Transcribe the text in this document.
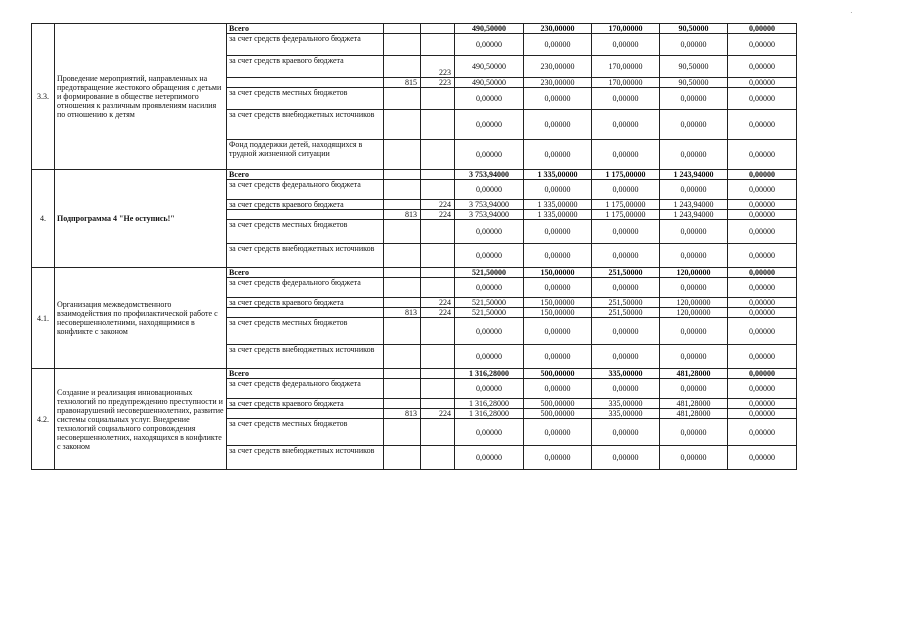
3.3.	Проведение мероприятий, направленных на предотвращение жестокого обращения с детьми и формирование в обществе нетерпимого отношения к различным проявлениям насилия по отношению к детям	Всего			490,50000	230,00000	170,00000	90,50000	0,00000
		за счет средств федерального бюджета			0,00000	0,00000	0,00000	0,00000	0,00000
		за счет средств краевого бюджета		223	490,50000	230,00000	170,00000	90,50000	0,00000
			815	223	490,50000	230,00000	170,00000	90,50000	0,00000
		за счет средств местных бюджетов			0,00000	0,00000	0,00000	0,00000	0,00000
		за счет средств внебюджетных источников			0,00000	0,00000	0,00000	0,00000	0,00000
		Фонд поддержки детей, находящихся в трудной жизненной ситуации			0,00000	0,00000	0,00000	0,00000	0,00000
4.	Подпрограмма 4 "Не оступись!"	Всего			3 753,94000	1 335,00000	1 175,00000	1 243,94000	0,00000
		за счет средств федерального бюджета			0,00000	0,00000	0,00000	0,00000	0,00000
		за счет средств краевого бюджета		224	3 753,94000	1 335,00000	1 175,00000	1 243,94000	0,00000
			813	224	3 753,94000	1 335,00000	1 175,00000	1 243,94000	0,00000
		за счет средств местных бюджетов			0,00000	0,00000	0,00000	0,00000	0,00000
		за счет средств внебюджетных источников			0,00000	0,00000	0,00000	0,00000	0,00000
4.1.	Организация межведомственного взаимодействия по профилактической работе с несовершеннолетними, находящимися в конфликте с законом	Всего			521,50000	150,00000	251,50000	120,00000	0,00000
		за счет средств федерального бюджета			0,00000	0,00000	0,00000	0,00000	0,00000
		за счет средств краевого бюджета		224	521,50000	150,00000	251,50000	120,00000	0,00000
			813	224	521,50000	150,00000	251,50000	120,00000	0,00000
		за счет средств местных бюджетов			0,00000	0,00000	0,00000	0,00000	0,00000
		за счет средств внебюджетных источников			0,00000	0,00000	0,00000	0,00000	0,00000
4.2.	Создание и реализация инновационных технологий по предупреждению преступности и правонарушений несовершеннолетних, развитие системы социальных услуг. Внедрение технологий социального сопровождения несовершеннолетних, находящихся в конфликте с законом	Всего			1 316,28000	500,00000	335,00000	481,28000	0,00000
		за счет средств федерального бюджета			0,00000	0,00000	0,00000	0,00000	0,00000
		за счет средств краевого бюджета			1 316,28000	500,00000	335,00000	481,28000	0,00000
			813	224	1 316,28000	500,00000	335,00000	481,28000	0,00000
		за счет средств местных бюджетов			0,00000	0,00000	0,00000	0,00000	0,00000
		за счет средств внебюджетных источников			0,00000	0,00000	0,00000	0,00000	0,00000
·
